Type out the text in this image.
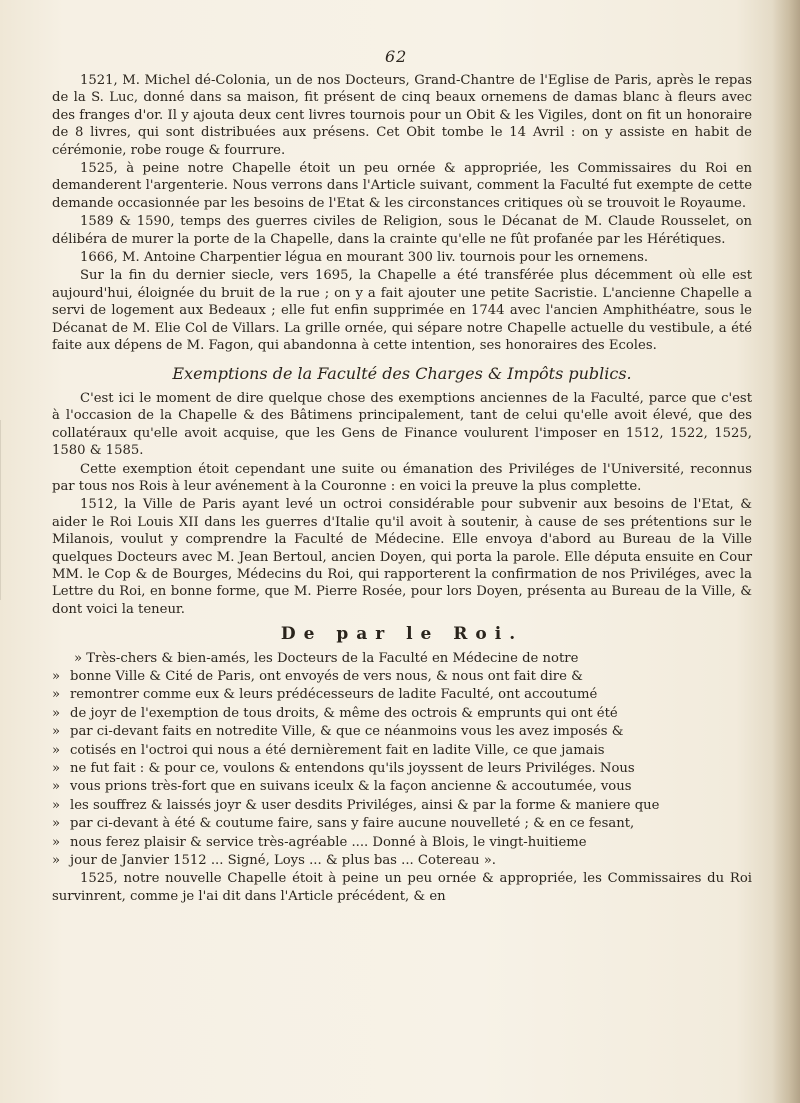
62

1521, M. Michel dé-Colonia, un de nos Docteurs, Grand-Chantre de l'Eglise de Paris, après le repas de la S. Luc, donné dans sa maison, fit présent de cinq beaux ornemens de damas blanc à fleurs avec des franges d'or. Il y ajouta deux cent livres tournois pour un Obit & les Vigiles, dont on fit un honoraire de 8 livres, qui sont distribuées aux présens. Cet Obit tombe le 14 Avril : on y assiste en habit de cérémonie, robe rouge & fourrure.

1525, à peine notre Chapelle étoit un peu ornée & appropriée, les Commissaires du Roi en demanderent l'argenterie. Nous verrons dans l'Article suivant, comment la Faculté fut exempte de cette demande occasionnée par les besoins de l'Etat & les circonstances critiques où se trouvoit le Royaume.

1589 & 1590, temps des guerres civiles de Religion, sous le Décanat de M. Claude Rousselet, on délibéra de murer la porte de la Chapelle, dans la crainte qu'elle ne fût profanée par les Hérétiques.

1666, M. Antoine Charpentier légua en mourant 300 liv. tournois pour les ornemens.

Sur la fin du dernier siecle, vers 1695, la Chapelle a été transférée plus décemment où elle est aujourd'hui, éloignée du bruit de la rue ; on y a fait ajouter une petite Sacristie. L'ancienne Chapelle a servi de logement aux Bedeaux ; elle fut enfin supprimée en 1744 avec l'ancien Amphithéatre, sous le Décanat de M. Elie Col de Villars. La grille ornée, qui sépare notre Chapelle actuelle du vestibule, a été faite aux dépens de M. Fagon, qui abandonna à cette intention, ses honoraires des Ecoles.

Exemptions de la Faculté des Charges & Impôts publics.

C'est ici le moment de dire quelque chose des exemptions anciennes de la Faculté, parce que c'est à l'occasion de la Chapelle & des Bâtimens principalement, tant de celui qu'elle avoit élevé, que des collatéraux qu'elle avoit acquise, que les Gens de Finance voulurent l'imposer en 1512, 1522, 1525, 1580 & 1585.

Cette exemption étoit cependant une suite ou émanation des Priviléges de l'Université, reconnus par tous nos Rois à leur avénement à la Couronne : en voici la preuve la plus complette.

1512, la Ville de Paris ayant levé un octroi considérable pour subvenir aux besoins de l'Etat, & aider le Roi Louis XII dans les guerres d'Italie qu'il avoit à soutenir, à cause de ses prétentions sur le Milanois, voulut y comprendre la Faculté de Médecine. Elle envoya d'abord au Bureau de la Ville quelques Docteurs avec M. Jean Bertoul, ancien Doyen, qui porta la parole. Elle députa ensuite en Cour MM. le Cop & de Bourges, Médecins du Roi, qui rapporterent la confirmation de nos Priviléges, avec la Lettre du Roi, en bonne forme, que M. Pierre Rosée, pour lors Doyen, présenta au Bureau de la Ville, & dont voici la teneur.

De par le Roi.

» Très-chers & bien-amés, les Docteurs de la Faculté en Médecine de notre

» bonne Ville & Cité de Paris, ont envoyés de vers nous, & nous ont fait dire &

» remontrer comme eux & leurs prédécesseurs de ladite Faculté, ont accoutumé

» de joyr de l'exemption de tous droits, & même des octrois & emprunts qui ont été

» par ci-devant faits en notredite Ville, & que ce néanmoins vous les avez imposés &

» cotisés en l'octroi qui nous a été dernièrement fait en ladite Ville, ce que jamais

» ne fut fait : & pour ce, voulons & entendons qu'ils joyssent de leurs Priviléges. Nous

» vous prions très-fort que en suivans iceulx & la façon ancienne & accoutumée, vous

» les souffrez & laissés joyr & user desdits Priviléges, ainsi & par la forme & maniere que

» par ci-devant à été & coutume faire, sans y faire aucune nouvelleté ; & en ce fesant,

» nous ferez plaisir & service très-agréable .... Donné à Blois, le vingt-huitieme

» jour de Janvier 1512 ... Signé, Loys ... & plus bas ... Cotereau ».

1525, notre nouvelle Chapelle étoit à peine un peu ornée & appropriée, les Commissaires du Roi survinrent, comme je l'ai dit dans l'Article précédent, & en
